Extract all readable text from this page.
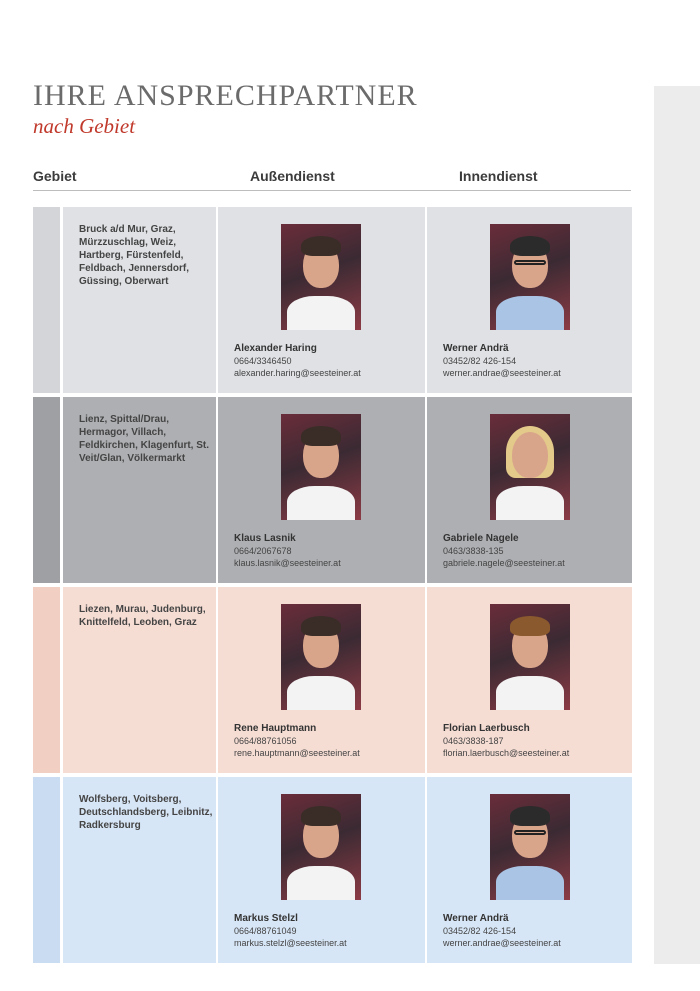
IHRE ANSPRECHPARTNER
nach Gebiet
Gebiet	Außendienst	Innendienst
Bruck a/d Mur, Graz, Mürzzuschlag, Weiz, Hartberg, Fürstenfeld, Feldbach, Jennersdorf, Güssing, Oberwart
Alexander Haring
0664/3346450
alexander.haring@seesteiner.at
Werner Andrä
03452/82 426-154
werner.andrae@seesteiner.at
Lienz, Spittal/Drau, Hermagor, Villach, Feldkirchen, Klagenfurt, St. Veit/Glan, Völkermarkt
Klaus Lasnik
0664/2067678
klaus.lasnik@seesteiner.at
Gabriele Nagele
0463/3838-135
gabriele.nagele@seesteiner.at
Liezen, Murau, Judenburg, Knittelfeld, Leoben, Graz
Rene Hauptmann
0664/88761056
rene.hauptmann@seesteiner.at
Florian Laerbusch
0463/3838-187
florian.laerbusch@seesteiner.at
Wolfsberg, Voitsberg, Deutschlandsberg, Leibnitz, Radkersburg
Markus Stelzl
0664/88761049
markus.stelzl@seesteiner.at
Werner Andrä
03452/82 426-154
werner.andrae@seesteiner.at
